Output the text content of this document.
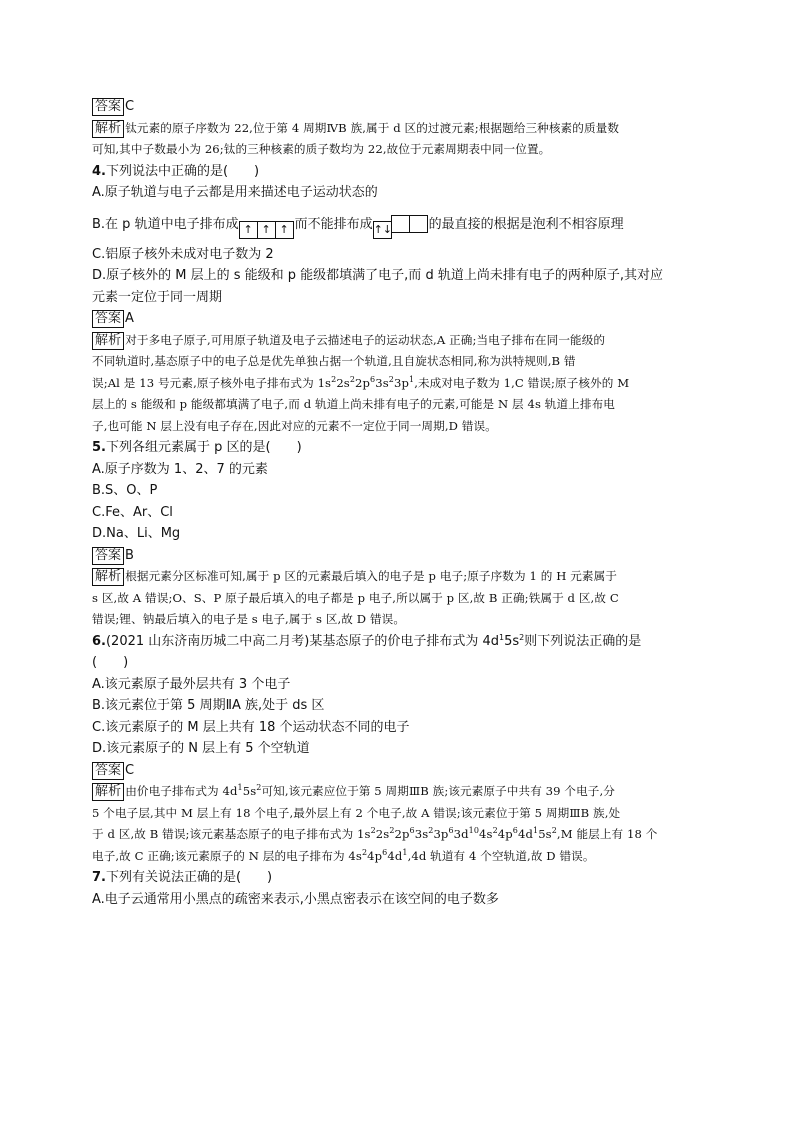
答案 C
解析 钛元素的原子序数为 22,位于第 4 周期ⅣB 族,属于 d 区的过渡元素;根据题给三种核素的质量数
可知,其中子数最小为 26;钛的三种核素的质子数均为 22,故位于元素周期表中同一位置。
4.下列说法中正确的是(　　)
A.原子轨道与电子云都是用来描述电子运动状态的
B.在 p 轨道中电子排布成 ↑ ↑ ↑ 而不能排布成↑↓	的最直接的根据是泡利不相容原理
C.铝原子核外未成对电子数为 2
D.原子核外的 M 层上的 s 能级和 p 能级都填满了电子,而 d 轨道上尚未排有电子的两种原子,其对应
元素一定位于同一周期
答案 A
解析 对于多电子原子,可用原子轨道及电子云描述电子的运动状态,A 正确;当电子排布在同一能级的
不同轨道时,基态原子中的电子总是优先单独占据一个轨道,且自旋状态相同,称为洪特规则,B 错
误;Al 是 13 号元素,原子核外电子排布式为 $1s^22s^22p^63s^23p^1$,未成对电子数为 1,C 错误;原子核外的 M
层上的 s 能级和 p 能级都填满了电子,而 d 轨道上尚未排有电子的元素,可能是 N 层 4s 轨道上排布电
子,也可能 N 层上没有电子存在,因此对应的元素不一定位于同一周期,D 错误。
5.下列各组元素属于 p 区的是(　　)
A.原子序数为 1、2、7 的元素
B.S、O、P
C.Fe、Ar、Cl
D.Na、Li、Mg
答案 B
解析 根据元素分区标准可知,属于 p 区的元素最后填入的电子是 p 电子;原子序数为 1 的 H 元素属于
s 区,故 A 错误;O、S、P 原子最后填入的电子都是 p 电子,所以属于 p 区,故 B 正确;铁属于 d 区,故 C
错误;锂、钠最后填入的电子是 s 电子,属于 s 区,故 D 错误。
6.(2021 山东济南历城二中高二月考)某基态原子的价电子排布式为 $4d^15s^2$则下列说法正确的是
(　　)
A.该元素原子最外层共有 3 个电子
B.该元素位于第 5 周期ⅡA 族,处于 ds 区
C.该元素原子的 M 层上共有 18 个运动状态不同的电子
D.该元素原子的 N 层上有 5 个空轨道
答案 C
解析 由价电子排布式为 $4d^15s^2$可知,该元素应位于第 5 周期ⅢB 族;该元素原子中共有 39 个电子,分
5 个电子层,其中 M 层上有 18 个电子,最外层上有 2 个电子,故 A 错误;该元素位于第 5 周期ⅢB 族,处
于 d 区,故 B 错误;该元素基态原子的电子排布式为 $1s^22s^22p^63s^23p^63d^{10}4s^24p^64d^15s^2,M$ 能层上有 18 个
电子,故 C 正确;该元素原子的 N 层的电子排布为 $4s^24p^64d^1,4d$ 轨道有 4 个空轨道,故 D 错误。
7.下列有关说法正确的是(　　)
A.电子云通常用小黑点的疏密来表示,小黑点密表示在该空间的电子数多
